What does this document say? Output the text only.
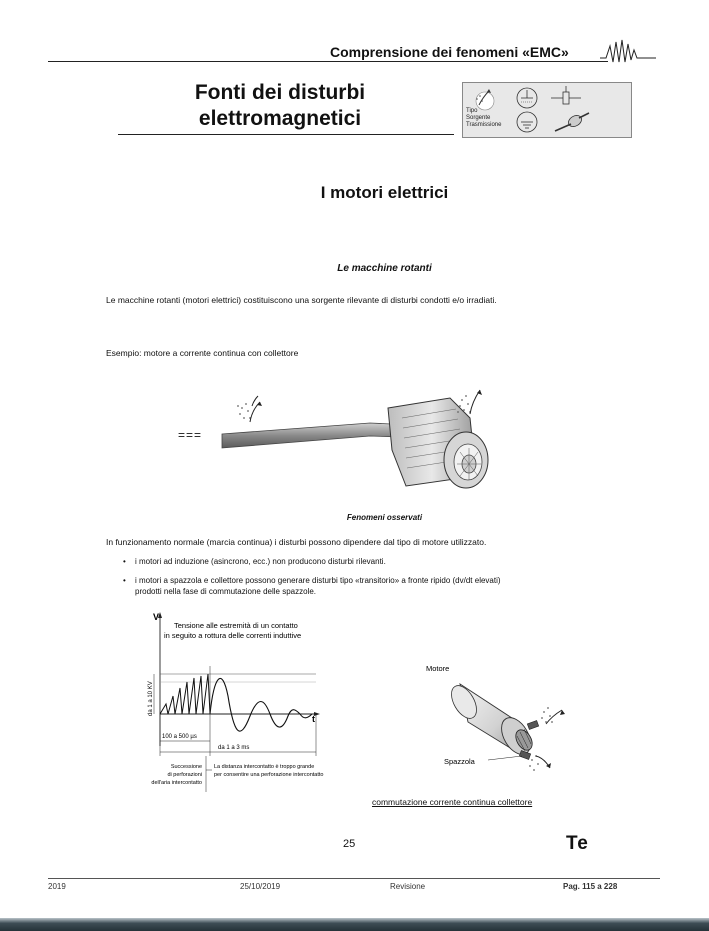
Comprensione dei fenomeni «EMC»
Fonti dei disturbi
elettromagnetici	Tipo
Sorgente
Trasmissione
I motori elettrici
Le macchine rotanti
Le macchine rotanti (motori elettrici) costituiscono una sorgente rilevante di disturbi condotti e/o irradiati.
Esempio: motore a corrente continua con collettore
===
Fenomeni osservati
In funzionamento normale (marcia continua) i disturbi possono dipendere dal tipo di motore utilizzato.
• i motori ad induzione (asincrono, ecc.) non producono disturbi rilevanti.
• i motori a spazzola e collettore possono generare disturbi tipo «transitorio» a fronte ripido (dv/dt elevati)
prodotti nella fase di commutazione delle spazzole.
V
t
Tensione alle estremità di un contatto
in seguito a rottura delle correnti induttive
da 1 a 10 KV
100 a 500 µs
da 1 a 3 ms
Successione
di perforazioni
dell'aria intercontatto
La distanza intercontatto è troppo grande
per consentire una perforazione intercontatto
Motore
Spazzola
commutazione corrente continua collettore
25	Te
2019	25/10/2019	Revisione	Pag. 115 a 228
